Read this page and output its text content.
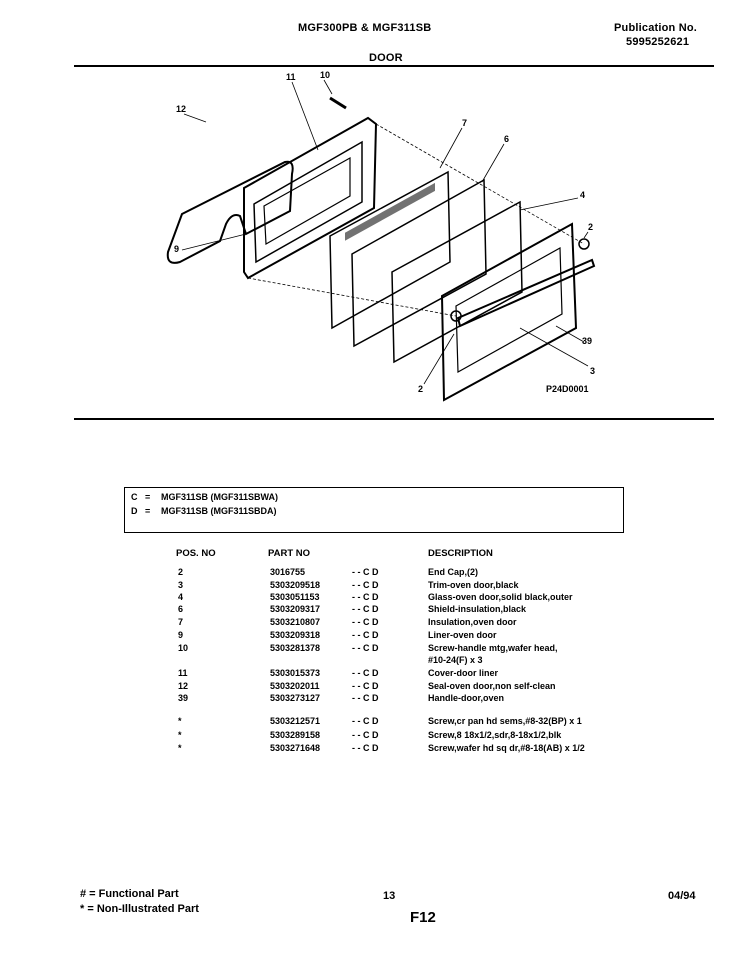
MGF300PB & MGF311SB	Publication No.
5995252621
DOOR
12
11	10
7
6
4
2
9
39
3
2	P24D0001
C = MGF311SB (MGF311SBWA)
D = MGF311SB (MGF311SBDA)
POS. NO	PART NO	DESCRIPTION
2	3016755	- - C D	End Cap,(2)
3	5303209518	- - C D	Trim-oven door,black
4	5303051153	- - C D	Glass-oven door,solid black,outer
6	5303209317	- - C D	Shield-insulation,black
7	5303210807	- - C D	Insulation,oven door
9	5303209318	- - C D	Liner-oven door
10	5303281378	- - C D	Screw-handle mtg,wafer head,
#10-24(F) x 3
11	5303015373	- - C D	Cover-door liner
12	5303202011	- - C D	Seal-oven door,non self-clean
39	5303273127	- - C D	Handle-door,oven
*	5303212571	- - C D	Screw,cr pan hd sems,#8-32(BP) x 1
*	5303289158	- - C D	Screw,8 18x1/2,sdr,8-18x1/2,blk
*	5303271648	- - C D	Screw,wafer hd sq dr,#8-18(AB) x 1/2
# = Functional Part
* = Non-Illustrated Part
13	04/94
F12
